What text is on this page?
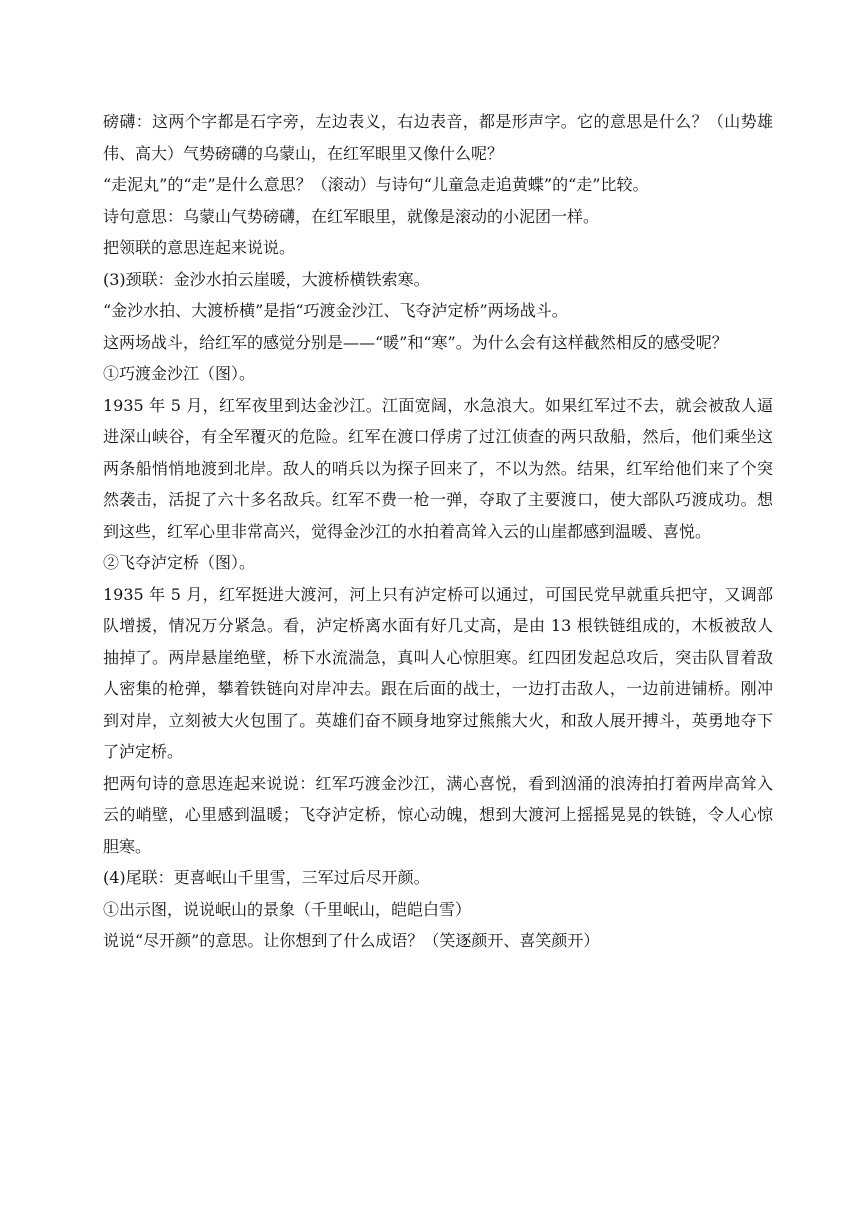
磅礴：这两个字都是石字旁，左边表义，右边表音，都是形声字。它的意思是什么？（山势雄伟、高大）气势磅礴的乌蒙山，在红军眼里又像什么呢？

“走泥丸”的“走”是什么意思？（滚动）与诗句“儿童急走追黄蝶”的“走”比较。

诗句意思：乌蒙山气势磅礴，在红军眼里，就像是滚动的小泥团一样。

把领联的意思连起来说说。

(3)颈联：金沙水拍云崖暖，大渡桥横铁索寒。

“金沙水拍、大渡桥横”是指“巧渡金沙江、飞夺泸定桥”两场战斗。

这两场战斗，给红军的感觉分别是——“暖”和“寒”。为什么会有这样截然相反的感受呢？

①巧渡金沙江（图）。

1935 年 5 月，红军夜里到达金沙江。江面宽阔，水急浪大。如果红军过不去，就会被敌人逼进深山峡谷，有全军覆灭的危险。红军在渡口俘虏了过江侦查的两只敌船，然后，他们乘坐这两条船悄悄地渡到北岸。敌人的哨兵以为探子回来了，不以为然。结果，红军给他们来了个突然袭击，活捉了六十多名敌兵。红军不费一枪一弹，夺取了主要渡口，使大部队巧渡成功。想到这些，红军心里非常高兴，觉得金沙江的水拍着高耸入云的山崖都感到温暖、喜悦。

②飞夺泸定桥（图）。

1935 年 5 月，红军挺进大渡河，河上只有泸定桥可以通过，可国民党早就重兵把守，又调部队增援，情况万分紧急。看，泸定桥离水面有好几丈高，是由 13 根铁链组成的，木板被敌人抽掉了。两岸悬崖绝壁，桥下水流湍急，真叫人心惊胆寒。红四团发起总攻后，突击队冒着敌人密集的枪弹，攀着铁链向对岸冲去。跟在后面的战士，一边打击敌人，一边前进铺桥。刚冲到对岸，立刻被大火包围了。英雄们奋不顾身地穿过熊熊大火，和敌人展开搏斗，英勇地夺下了泸定桥。

把两句诗的意思连起来说说：红军巧渡金沙江，满心喜悦，看到汹涌的浪涛拍打着两岸高耸入云的峭壁，心里感到温暖；飞夺泸定桥，惊心动魄，想到大渡河上摇摇晃晃的铁链，令人心惊胆寒。

(4)尾联：更喜岷山千里雪，三军过后尽开颜。

①出示图，说说岷山的景象（千里岷山，皑皑白雪）

说说“尽开颜”的意思。让你想到了什么成语？（笑逐颜开、喜笑颜开）
